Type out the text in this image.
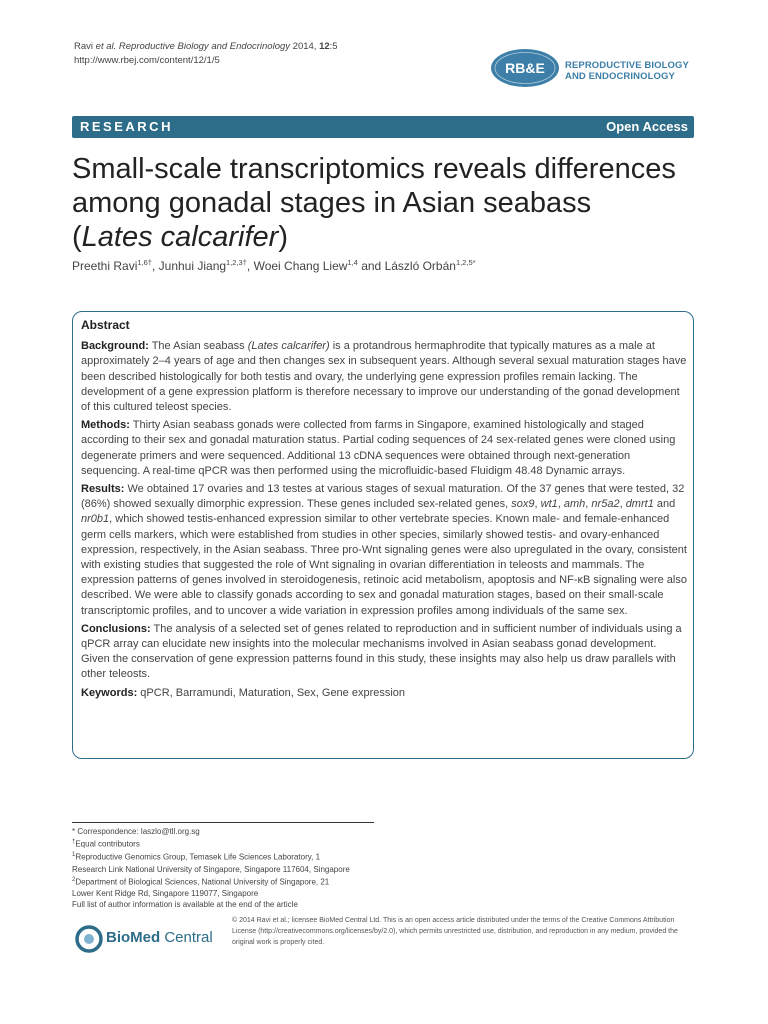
Ravi et al. Reproductive Biology and Endocrinology 2014, 12:5
http://www.rbej.com/content/12/1/5	RB&E REPRODUCTIVE BIOLOGY
AND ENDOCRINOLOGY
RESEARCH	Open Access
Small-scale transcriptomics reveals differences
among gonadal stages in Asian seabass
(Lates calcarifer)
Preethi Ravi$^{1,6\dagger}$, Junhui Jiang$^{1,2,3\dagger}$, Woei Chang Liew$^{1,4}$ and László Orbán$^{1,2,5*}$
Abstract

Background: The Asian seabass (Lates calcarifer) is a protandrous hermaphrodite that typically matures as a male at approximately 2–4 years of age and then changes sex in subsequent years. Although several sexual maturation stages have been described histologically for both testis and ovary, the underlying gene expression profiles remain lacking. The development of a gene expression platform is therefore necessary to improve our understanding of the gonad development of this cultured teleost species.

Methods: Thirty Asian seabass gonads were collected from farms in Singapore, examined histologically and staged according to their sex and gonadal maturation status. Partial coding sequences of 24 sex-related genes were cloned using degenerate primers and were sequenced. Additional 13 cDNA sequences were obtained through next-generation sequencing. A real-time qPCR was then performed using the microfluidic-based Fluidigm 48.48 Dynamic arrays.

Results: We obtained 17 ovaries and 13 testes at various stages of sexual maturation. Of the 37 genes that were tested, 32 (86%) showed sexually dimorphic expression. These genes included sex-related genes, sox9, wt1, amh, nr5a2, dmrt1 and nr0b1, which showed testis-enhanced expression similar to other vertebrate species. Known male- and female-enhanced germ cells markers, which were established from studies in other species, similarly showed testis- and ovary-enhanced expression, respectively, in the Asian seabass. Three pro-Wnt signaling genes were also upregulated in the ovary, consistent with existing studies that suggested the role of Wnt signaling in ovarian differentiation in teleosts and mammals. The expression patterns of genes involved in steroidogenesis, retinoic acid metabolism, apoptosis and NF-κB signaling were also described. We were able to classify gonads according to sex and gonadal maturation stages, based on their small-scale transcriptomic profiles, and to uncover a wide variation in expression profiles among individuals of the same sex.

Conclusions: The analysis of a selected set of genes related to reproduction and in sufficient number of individuals using a qPCR array can elucidate new insights into the molecular mechanisms involved in Asian seabass gonad development. Given the conservation of gene expression patterns found in this study, these insights may also help us draw parallels with other teleosts.

Keywords: qPCR, Barramundi, Maturation, Sex, Gene expression

* Correspondence: laszlo@tll.org.sg
†Equal contributors
$^1$Reproductive Genomics Group, Temasek Life Sciences Laboratory, 1
Research Link National University of Singapore, Singapore 117604, Singapore
$^2$Department of Biological Sciences, National University of Singapore, 21
Lower Kent Ridge Rd, Singapore 119077, Singapore
Full list of author information is available at the end of the article
BioMed Central
© 2014 Ravi et al.; licensee BioMed Central Ltd. This is an open access article distributed under the terms of the Creative Commons Attribution License (http://creativecommons.org/licenses/by/2.0), which permits unrestricted use, distribution, and reproduction in any medium, provided the original work is properly cited.
